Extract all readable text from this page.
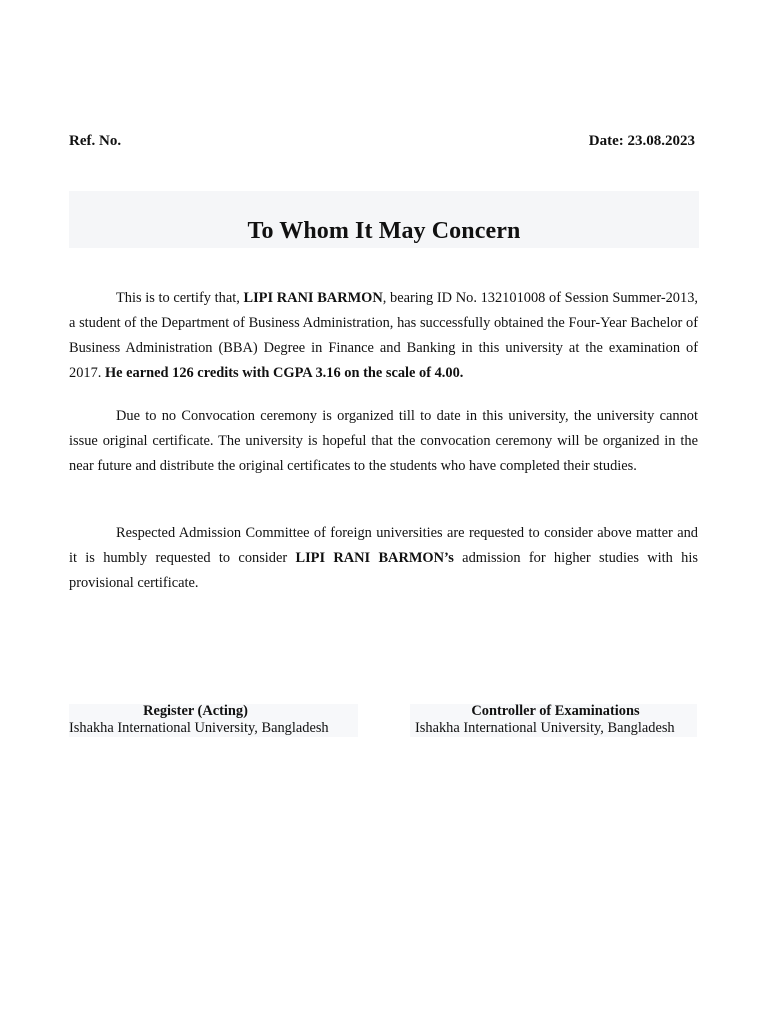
Ref. No.	Date: 23.08.2023
To Whom It May Concern

This is to certify that, LIPI RANI BARMON, bearing ID No. 132101008 of Session Summer-2013, a student of the Department of Business Administration, has successfully obtained the Four-Year Bachelor of Business Administration (BBA) Degree in Finance and Banking in this university at the examination of 2017. He earned 126 credits with CGPA 3.16 on the scale of 4.00.

Due to no Convocation ceremony is organized till to date in this university, the university cannot issue original certificate. The university is hopeful that the convocation ceremony will be organized in the near future and distribute the original certificates to the students who have completed their studies.

Respected Admission Committee of foreign universities are requested to consider above matter and it is humbly requested to consider LIPI RANI BARMON’s admission for higher studies with his provisional certificate.

Register (Acting)
Ishakha International University, Bangladesh
Controller of Examinations
Ishakha International University, Bangladesh
